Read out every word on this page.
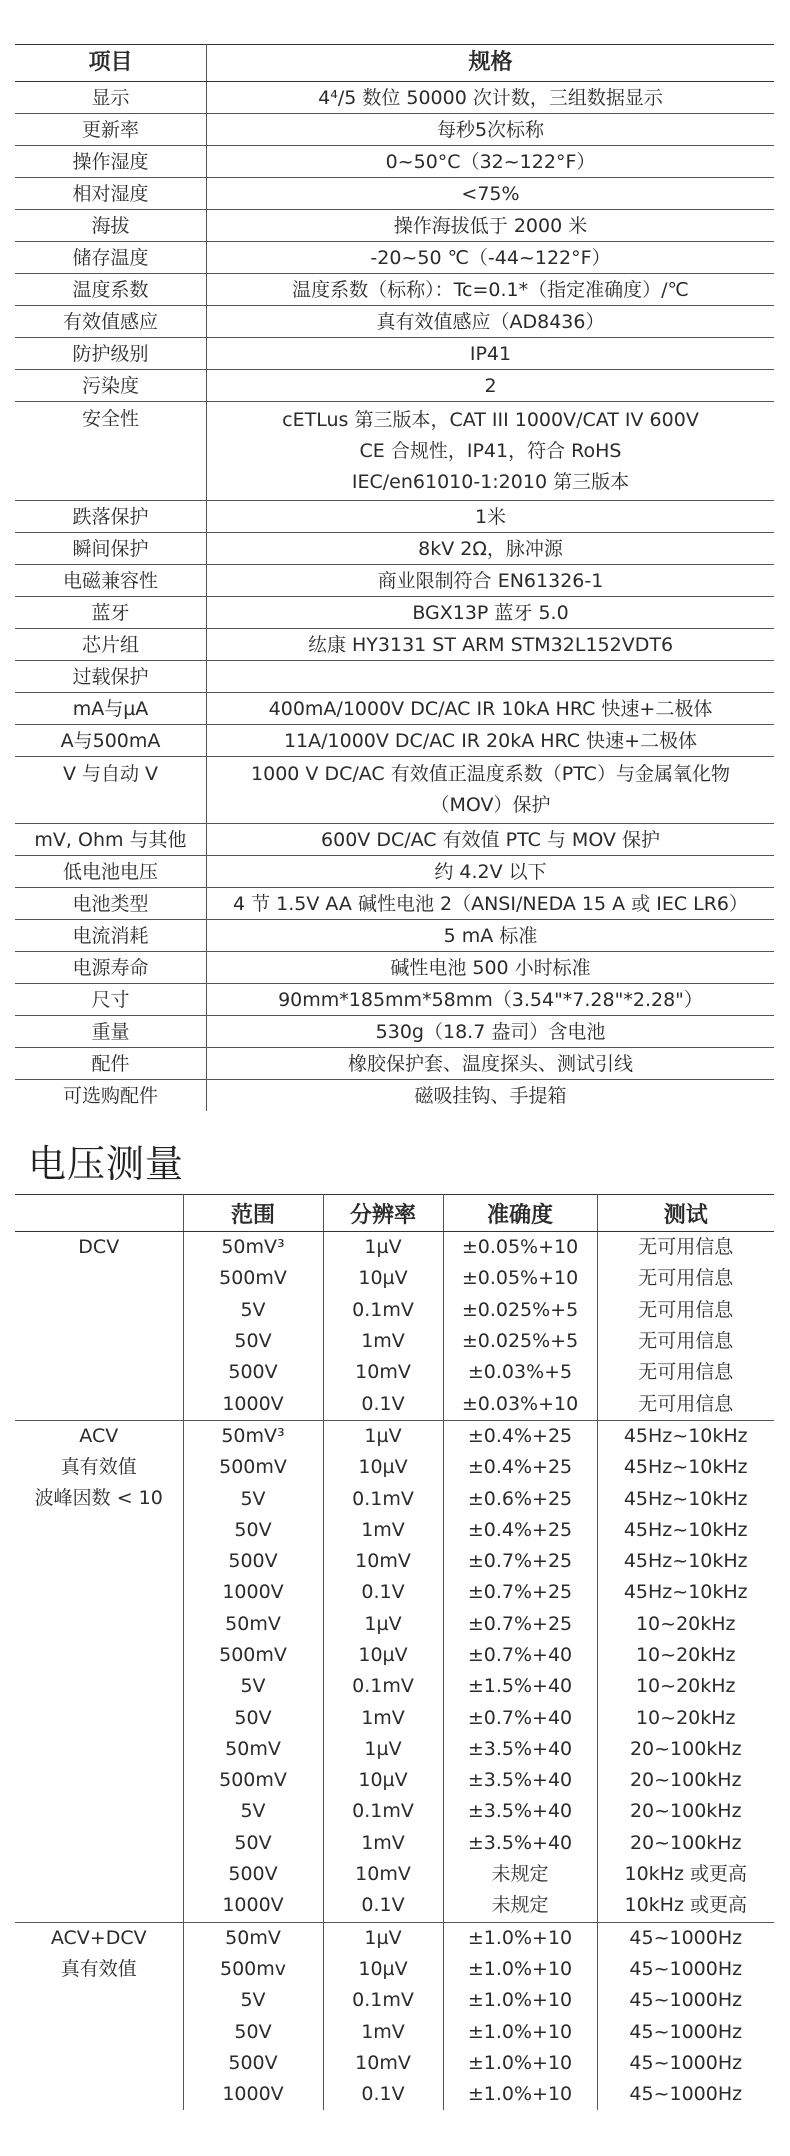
项目	规格
显示	4⁴/5 数位 50000 次计数，三组数据显示
更新率	每秒5次标称
操作湿度	0~50°C（32~122°F）
相对湿度	<75%
海拔	操作海拔低于 2000 米
储存温度	-20~50 ℃（-44~122°F）
温度系数	温度系数（标称）：Tc=0.1*（指定准确度）/℃
有效值感应	真有效值感应（AD8436）
防护级别	IP41
污染度	2
安全性	cETLus 第三版本，CAT III 1000V/CAT IV 600V
CE 合规性，IP41，符合 RoHS
IEC/en61010-1:2010 第三版本

跌落保护	1米
瞬间保护	8kV 2Ω，脉冲源
电磁兼容性	商业限制符合 EN61326-1
蓝牙	BGX13P 蓝牙 5.0
芯片组	纮康 HY3131 ST ARM STM32L152VDT6
过载保护	
mA与µA	400mA/1000V DC/AC IR 10kA HRC 快速+二极体
A与500mA	11A/1000V DC/AC IR 20kA HRC 快速+二极体
V 与自动 V	1000 V DC/AC 有效值正温度系数（PTC）与金属氧化物
（MOV）保护

mV, Ohm 与其他	600V DC/AC 有效值 PTC 与 MOV 保护
低电池电压	约 4.2V 以下
电池类型	4 节 1.5V AA 碱性电池 2（ANSI/NEDA 15 A 或 IEC LR6）
电流消耗	5 mA 标准
电源寿命	碱性电池 500 小时标准
尺寸	90mm*185mm*58mm（3.54"*7.28"*2.28"）
重量	530g（18.7 盎司）含电池
配件	橡胶保护套、温度探头、测试引线
可选购配件	磁吸挂钩、手提箱
电压测量
	范围	分辨率	准确度	测试

DCV	50mV³	1µV	±0.05%+10	无可用信息
	500mV	10µV	±0.05%+10	无可用信息
	5V	0.1mV	±0.025%+5	无可用信息
	50V	1mV	±0.025%+5	无可用信息
	500V	10mV	±0.03%+5	无可用信息
	1000V	0.1V	±0.03%+10	无可用信息

ACV
真有效值
波峰因数 < 10	50mV³	1µV	±0.4%+25	45Hz~10kHz
	500mV	10µV	±0.4%+25	45Hz~10kHz
	5V	0.1mV	±0.6%+25	45Hz~10kHz
	50V	1mV	±0.4%+25	45Hz~10kHz
	500V	10mV	±0.7%+25	45Hz~10kHz
	1000V	0.1V	±0.7%+25	45Hz~10kHz
	50mV	1µV	±0.7%+25	10~20kHz
	500mV	10µV	±0.7%+40	10~20kHz
	5V	0.1mV	±1.5%+40	10~20kHz
	50V	1mV	±0.7%+40	10~20kHz
	50mV	1µV	±3.5%+40	20~100kHz
	500mV	10µV	±3.5%+40	20~100kHz
	5V	0.1mV	±3.5%+40	20~100kHz
	50V	1mV	±3.5%+40	20~100kHz
	500V	10mV	未规定	10kHz 或更高
	1000V	0.1V	未规定	10kHz 或更高

ACV+DCV
真有效值	50mV	1µV	±1.0%+10	45~1000Hz
	500mv	10µV	±1.0%+10	45~1000Hz
	5V	0.1mV	±1.0%+10	45~1000Hz
	50V	1mV	±1.0%+10	45~1000Hz
	500V	10mV	±1.0%+10	45~1000Hz
	1000V	0.1V	±1.0%+10	45~1000Hz
